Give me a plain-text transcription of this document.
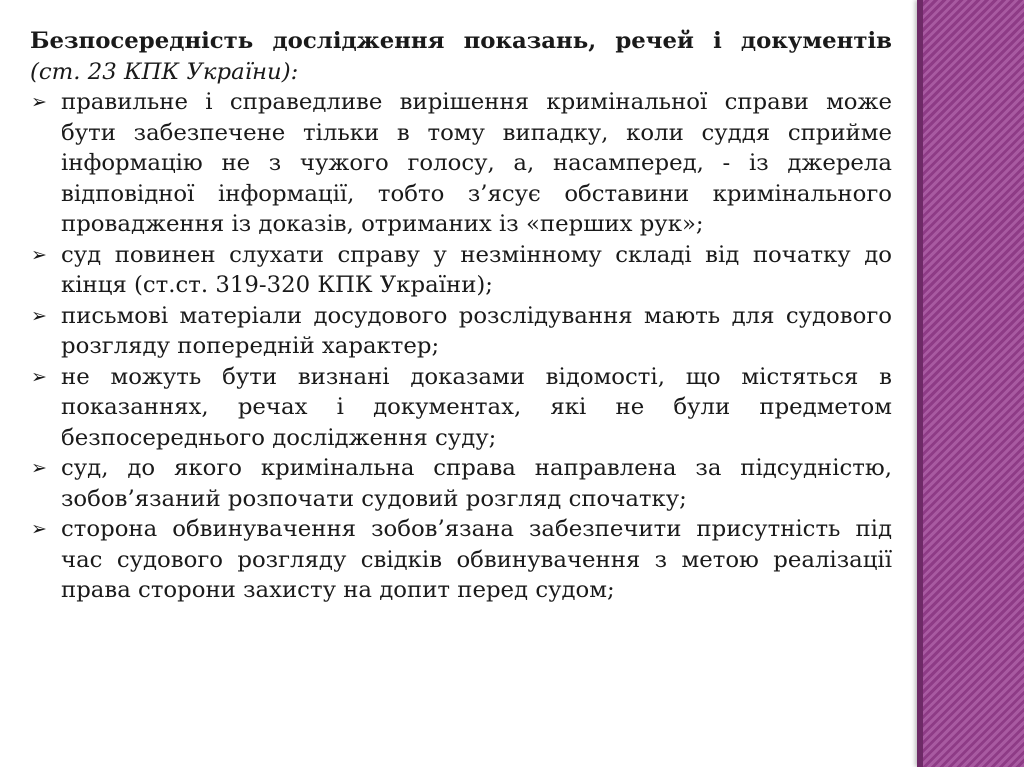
Безпосередність дослідження показань, речей і документів (ст. 23 КПК України):

➢ правильне і справедливе вирішення кримінальної справи може бути забезпечене тільки в тому випадку, коли суддя сприйме інформацію не з чужого голосу, а, насамперед, - із джерела відповідної інформації, тобто з’ясує обставини кримінального провадження із доказів, отриманих із «перших рук»;
➢ суд повинен слухати справу у незмінному складі від початку до кінця (ст.ст. 319-320 КПК України);
➢ письмові матеріали досудового розслідування мають для судового розгляду попередній характер;
➢ не можуть бути визнані доказами відомості, що містяться в показаннях, речах і документах, які не були предметом безпосереднього дослідження суду;
➢ суд, до якого кримінальна справа направлена за підсудністю, зобов’язаний розпочати судовий розгляд спочатку;
➢ сторона обвинувачення зобов’язана забезпечити присутність під час судового розгляду свідків обвинувачення з метою реалізації права сторони захисту на допит перед судом;
